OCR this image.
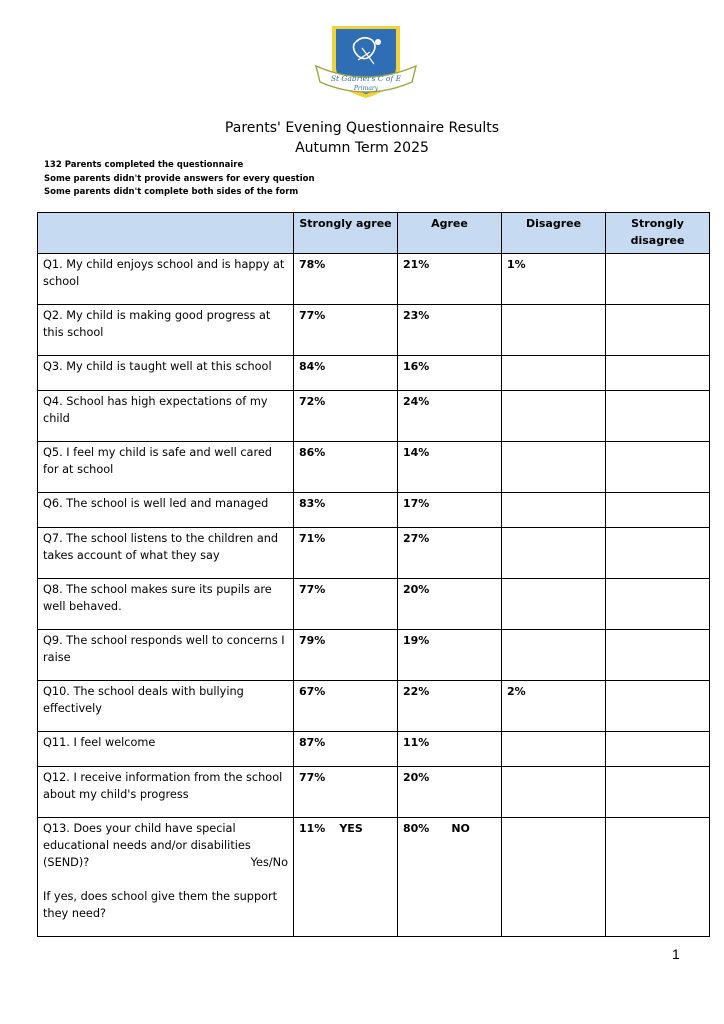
St Gabriel's C of E
Primary
Parents' Evening Questionnaire Results
Autumn Term 2025
132 Parents completed the questionnaire
Some parents didn't provide answers for every question
Some parents didn't complete both sides of the form
	Strongly agree	Agree	Disagree	Strongly disagree
Q1. My child enjoys school and is happy at school	78%	21%	1%	
Q2. My child is making good progress at this school	77%	23%		
Q3. My child is taught well at this school	84%	16%		
Q4. School has high expectations of my child	72%	24%		
Q5. I feel my child is safe and well cared for at school	86%	14%		
Q6. The school is well led and managed	83%	17%		
Q7. The school listens to the children and takes account of what they say	71%	27%		
Q8. The school makes sure its pupils are well behaved.	77%	20%		
Q9. The school responds well to concerns I raise	79%	19%		
Q10. The school deals with bullying effectively	67%	22%	2%	
Q11. I feel welcome	87%	11%		
Q12. I receive information from the school about my child's progress	77%	20%		

Q13. Does your child have special educational needs and/or disabilities (SEND)? Yes/No
If yes, does school give them the support they need?	11% YES	80% NO		
1
